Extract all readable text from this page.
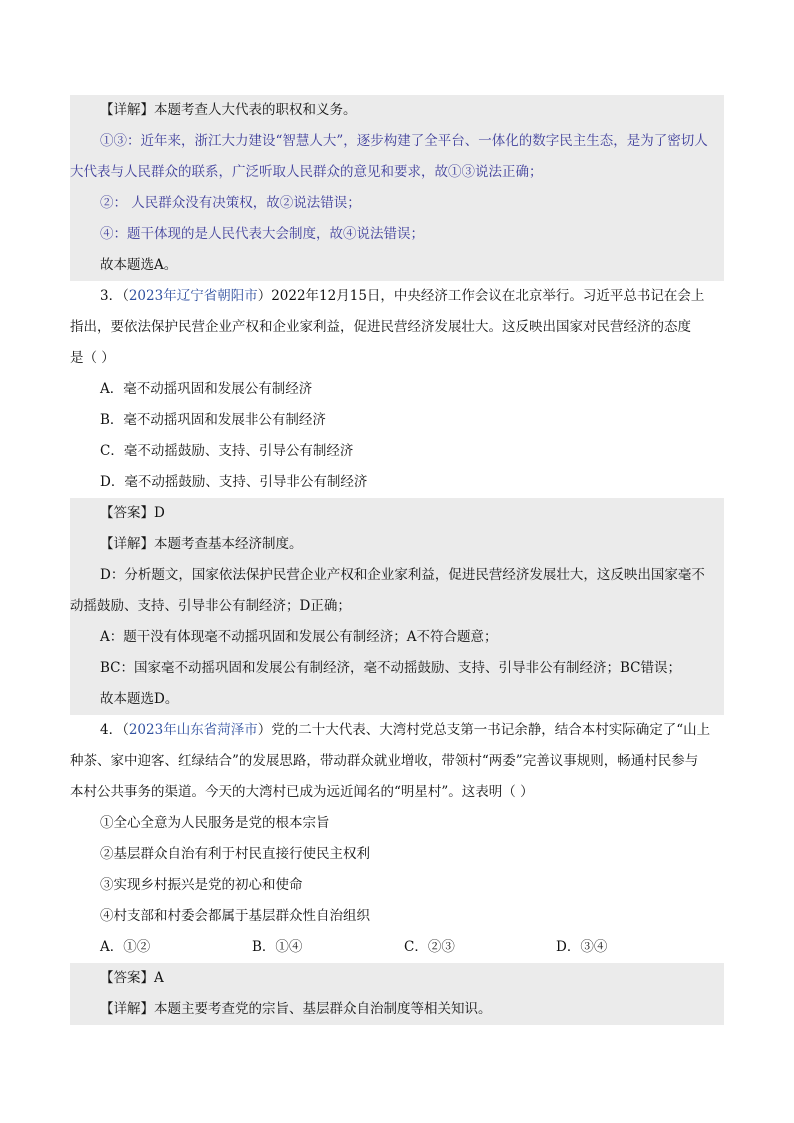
【详解】本题考查人大代表的职权和义务。
①③：近年来，浙江大力建设“智慧人大”，逐步构建了全平台、一体化的数字民主生态，是为了密切人
大代表与人民群众的联系，广泛听取人民群众的意见和要求，故①③说法正确；
②： 人民群众没有决策权，故②说法错误；
④：题干体现的是人民代表大会制度，故④说法错误；
故本题选A。
3．（2023年辽宁省朝阳市）2022年12月15日，中央经济工作会议在北京举行。习近平总书记在会上
指出，要依法保护民营企业产权和企业家利益，促进民营经济发展壮大。这反映出国家对民营经济的态度
是（ ）
A．毫不动摇巩固和发展公有制经济
B．毫不动摇巩固和发展非公有制经济
C．毫不动摇鼓励、支持、引导公有制经济
D．毫不动摇鼓励、支持、引导非公有制经济
【答案】D
【详解】本题考查基本经济制度。
D：分析题文，国家依法保护民营企业产权和企业家利益，促进民营经济发展壮大，这反映出国家毫不
动摇鼓励、支持、引导非公有制经济；D正确；
A：题干没有体现毫不动摇巩固和发展公有制经济；A不符合题意；
BC：国家毫不动摇巩固和发展公有制经济，毫不动摇鼓励、支持、引导非公有制经济；BC错误；
故本题选D。
4．（2023年山东省菏泽市）党的二十大代表、大湾村党总支第一书记余静，结合本村实际确定了“山上
种茶、家中迎客、红绿结合”的发展思路，带动群众就业增收，带领村“两委”完善议事规则，畅通村民参与
本村公共事务的渠道。今天的大湾村已成为远近闻名的“明星村”。这表明（ ）
①全心全意为人民服务是党的根本宗旨
②基层群众自治有利于村民直接行使民主权利
③实现乡村振兴是党的初心和使命
④村支部和村委会都属于基层群众性自治组织
A．①②	B．①④	C．②③	D．③④
【答案】A
【详解】本题主要考查党的宗旨、基层群众自治制度等相关知识。
